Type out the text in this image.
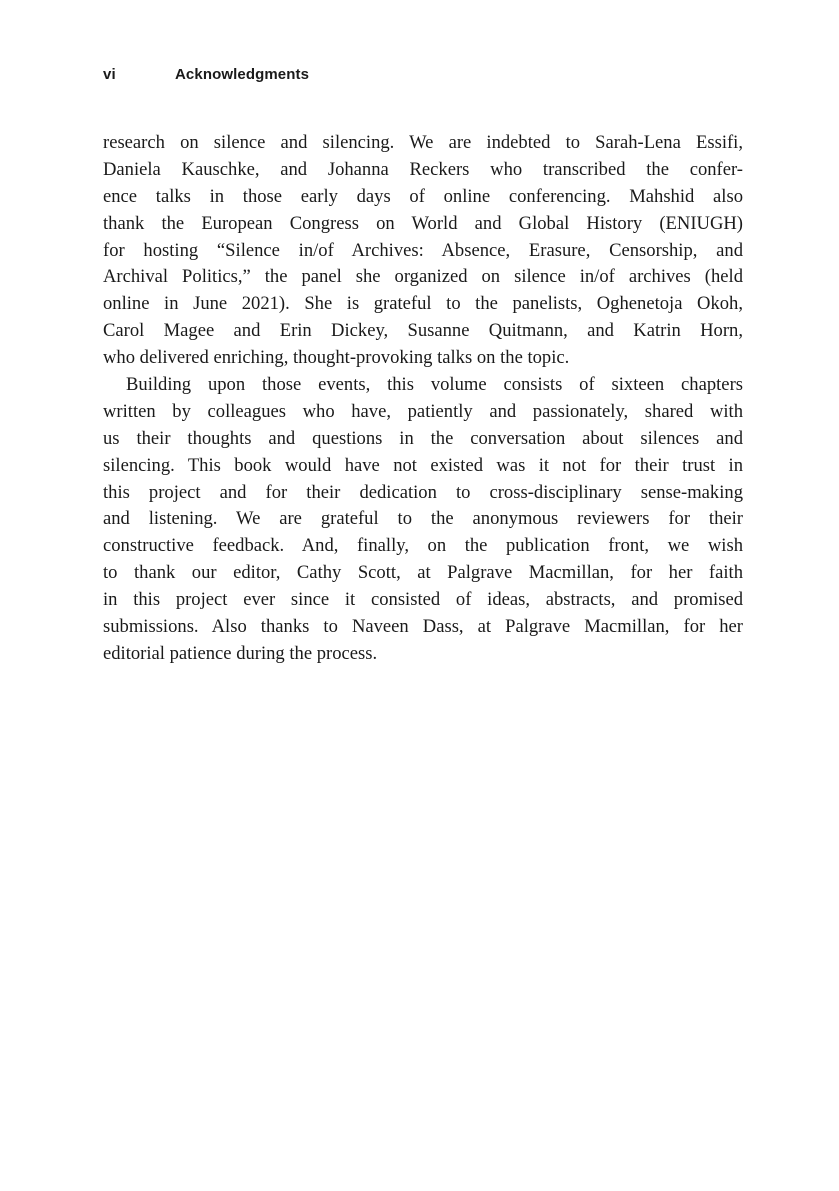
vi	Acknowledgments
research on silence and silencing. We are indebted to Sarah-Lena Essifi,
Daniela Kauschke, and Johanna Reckers who transcribed the confer-
ence talks in those early days of online conferencing. Mahshid also
thank the European Congress on World and Global History (ENIUGH)
for hosting “Silence in/of Archives: Absence, Erasure, Censorship, and
Archival Politics,” the panel she organized on silence in/of archives (held
online in June 2021). She is grateful to the panelists, Oghenetoja Okoh,
Carol Magee and Erin Dickey, Susanne Quitmann, and Katrin Horn,
who delivered enriching, thought-provoking talks on the topic.
Building upon those events, this volume consists of sixteen chapters
written by colleagues who have, patiently and passionately, shared with
us their thoughts and questions in the conversation about silences and
silencing. This book would have not existed was it not for their trust in
this project and for their dedication to cross-disciplinary sense-making
and listening. We are grateful to the anonymous reviewers for their
constructive feedback. And, finally, on the publication front, we wish
to thank our editor, Cathy Scott, at Palgrave Macmillan, for her faith
in this project ever since it consisted of ideas, abstracts, and promised
submissions. Also thanks to Naveen Dass, at Palgrave Macmillan, for her
editorial patience during the process.
